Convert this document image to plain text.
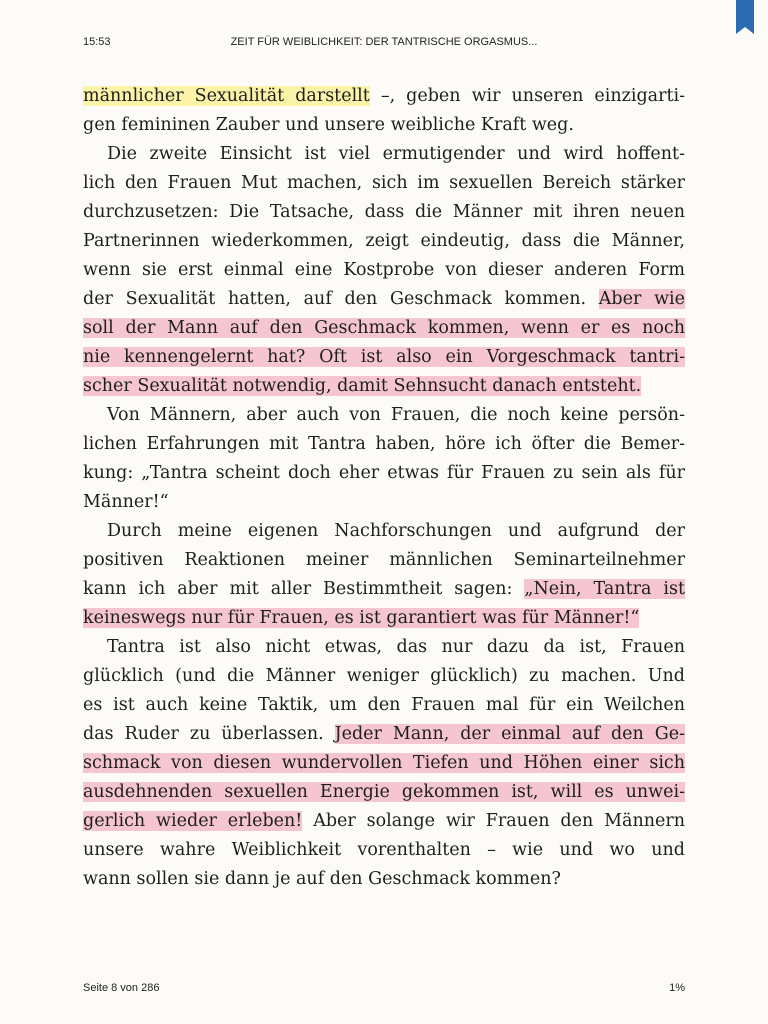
15:53	ZEIT FÜR WEIBLICHKEIT: DER TANTRISCHE ORGASMUS...
männlicher Sexualität darstellt –, geben wir unseren einzigarti-
gen femininen Zauber und unsere weibliche Kraft weg.
Die zweite Einsicht ist viel ermutigender und wird hoffent-
lich den Frauen Mut machen, sich im sexuellen Bereich stärker
durchzusetzen: Die Tatsache, dass die Männer mit ihren neuen
Partnerinnen wiederkommen, zeigt eindeutig, dass die Männer,
wenn sie erst einmal eine Kostprobe von dieser anderen Form
der Sexualität hatten, auf den Geschmack kommen. Aber wie
soll der Mann auf den Geschmack kommen, wenn er es noch
nie kennengelernt hat? Oft ist also ein Vorgeschmack tantri-
scher Sexualität notwendig, damit Sehnsucht danach entsteht.
Von Männern, aber auch von Frauen, die noch keine persön-
lichen Erfahrungen mit Tantra haben, höre ich öfter die Bemer-
kung: „Tantra scheint doch eher etwas für Frauen zu sein als für
Männer!“
Durch meine eigenen Nachforschungen und aufgrund der
positiven Reaktionen meiner männlichen Seminarteilnehmer
kann ich aber mit aller Bestimmtheit sagen: „Nein, Tantra ist
keineswegs nur für Frauen, es ist garantiert was für Männer!“
Tantra ist also nicht etwas, das nur dazu da ist, Frauen
glücklich (und die Männer weniger glücklich) zu machen. Und
es ist auch keine Taktik, um den Frauen mal für ein Weilchen
das Ruder zu überlassen. Jeder Mann, der einmal auf den Ge-
schmack von diesen wundervollen Tiefen und Höhen einer sich
ausdehnenden sexuellen Energie gekommen ist, will es unwei-
gerlich wieder erleben! Aber solange wir Frauen den Männern
unsere wahre Weiblichkeit vorenthalten – wie und wo und
wann sollen sie dann je auf den Geschmack kommen?
Seite 8 von 286	1%
